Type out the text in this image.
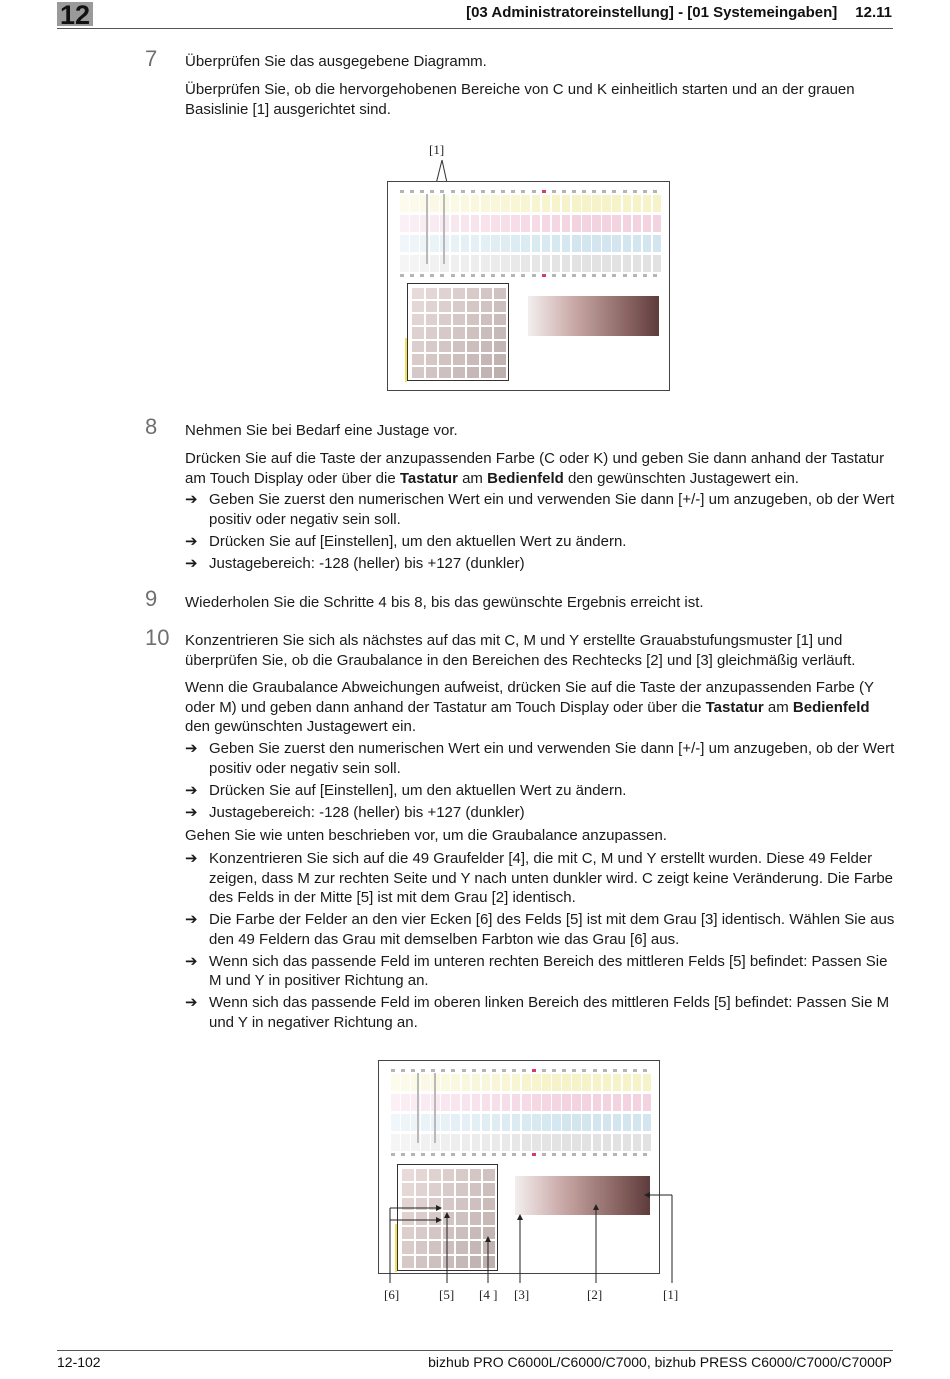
12	[03 Administratoreinstellung] - [01 Systemeingaben] 12.11
7 Überprüfen Sie das ausgegebene Diagramm.
Überprüfen Sie, ob die hervorgehobenen Bereiche von C und K einheitlich starten und an der grauen Basislinie [1] ausgerichtet sind.
[1]
8 Nehmen Sie bei Bedarf eine Justage vor.
Drücken Sie auf die Taste der anzupassenden Farbe (C oder K) und geben Sie dann anhand der Tastatur am Touch Display oder über die Tastatur am Bedienfeld den gewünschten Justagewert ein.
➔ Geben Sie zuerst den numerischen Wert ein und verwenden Sie dann [+/-] um anzugeben, ob der Wert positiv oder negativ sein soll.
➔ Drücken Sie auf [Einstellen], um den aktuellen Wert zu ändern.
➔ Justagebereich: -128 (heller) bis +127 (dunkler)
9 Wiederholen Sie die Schritte 4 bis 8, bis das gewünschte Ergebnis erreicht ist.
10 Konzentrieren Sie sich als nächstes auf das mit C, M und Y erstellte Grauabstufungsmuster [1] und überprüfen Sie, ob die Graubalance in den Bereichen des Rechtecks [2] und [3] gleichmäßig verläuft.
Wenn die Graubalance Abweichungen aufweist, drücken Sie auf die Taste der anzupassenden Farbe (Y oder M) und geben dann anhand der Tastatur am Touch Display oder über die Tastatur am Bedienfeld den gewünschten Justagewert ein.
➔ Geben Sie zuerst den numerischen Wert ein und verwenden Sie dann [+/-] um anzugeben, ob der Wert positiv oder negativ sein soll.
➔ Drücken Sie auf [Einstellen], um den aktuellen Wert zu ändern.
➔ Justagebereich: -128 (heller) bis +127 (dunkler)
Gehen Sie wie unten beschrieben vor, um die Graubalance anzupassen.
➔ Konzentrieren Sie sich auf die 49 Graufelder [4], die mit C, M und Y erstellt wurden. Diese 49 Felder zeigen, dass M zur rechten Seite und Y nach unten dunkler wird. C zeigt keine Veränderung. Die Farbe des Felds in der Mitte [5] ist mit dem Grau [2] identisch.
➔ Die Farbe der Felder an den vier Ecken [6] des Felds [5] ist mit dem Grau [3] identisch. Wählen Sie aus den 49 Feldern das Grau mit demselben Farbton wie das Grau [6] aus.
➔ Wenn sich das passende Feld im unteren rechten Bereich des mittleren Felds [5] befindet: Passen Sie M und Y in positiver Richtung an.
➔ Wenn sich das passende Feld im oberen linken Bereich des mittleren Felds [5] befindet: Passen Sie M und Y in negativer Richtung an.
[6]	[5] [4 ] [3]	[2]	[1]
12-102	bizhub PRO C6000L/C6000/C7000, bizhub PRESS C6000/C7000/C7000P
